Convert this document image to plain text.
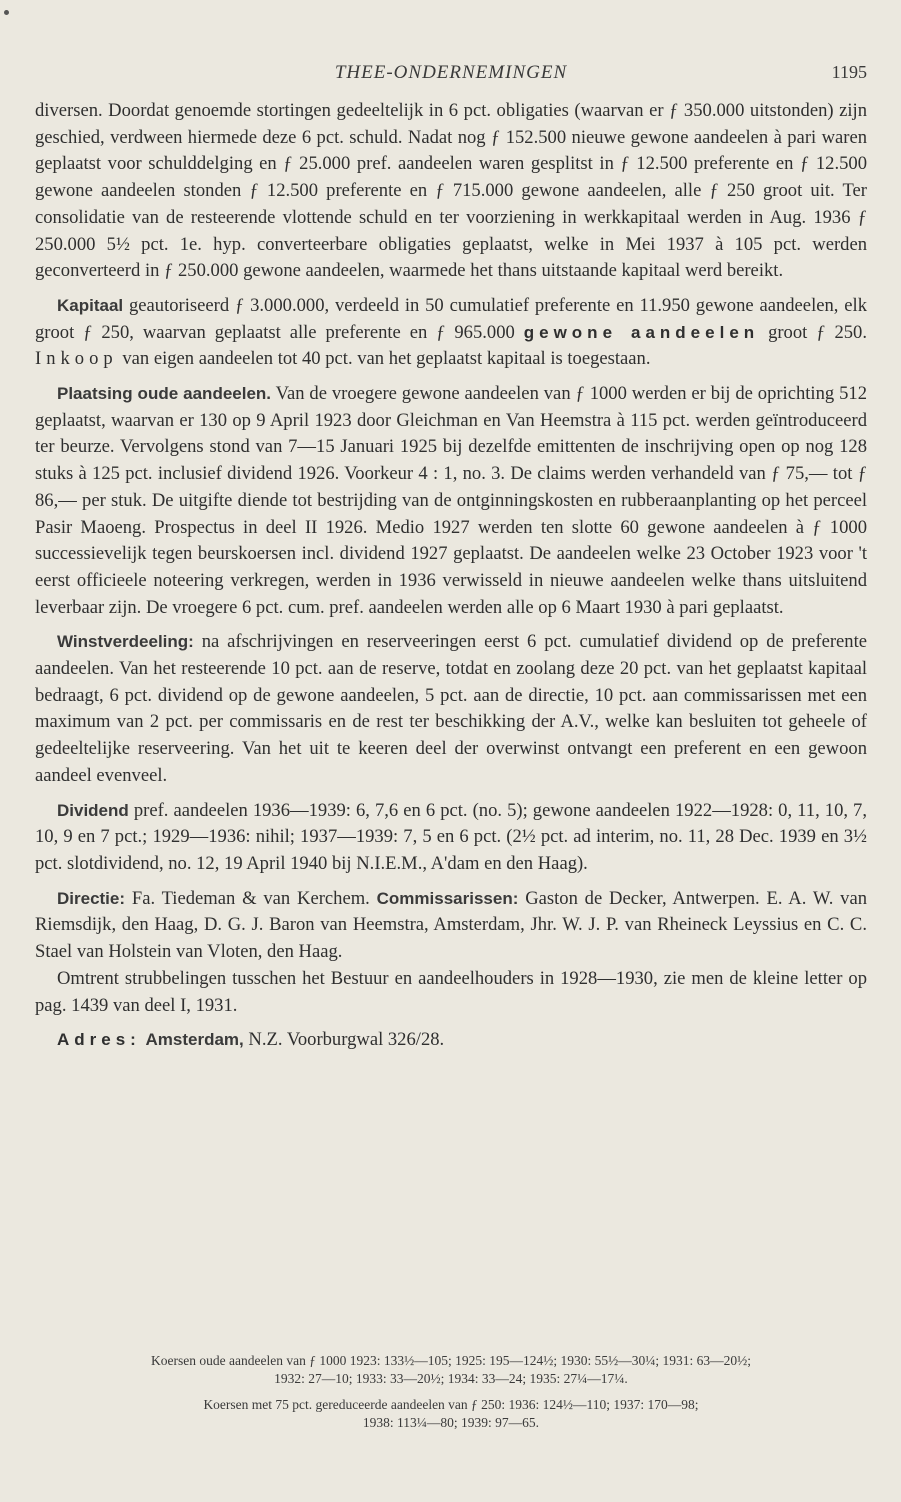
THEE-ONDERNEMINGEN	1195

diversen. Doordat genoemde stortingen gedeeltelijk in 6 pct. obligaties (waarvan er ƒ 350.000 uitstonden) zijn geschied, verdween hiermede deze 6 pct. schuld. Nadat nog ƒ 152.500 nieuwe gewone aandeelen à pari waren geplaatst voor schulddelging en ƒ 25.000 pref. aandeelen waren gesplitst in ƒ 12.500 preferente en ƒ 12.500 gewone aandeelen stonden ƒ 12.500 preferente en ƒ 715.000 gewone aandeelen, alle ƒ 250 groot uit. Ter consolidatie van de resteerende vlottende schuld en ter voorziening in werkkapitaal werden in Aug. 1936 ƒ 250.000 5½ pct. 1e. hyp. converteerbare obligaties geplaatst, welke in Mei 1937 à 105 pct. werden geconverteerd in ƒ 250.000 gewone aandeelen, waarmede het thans uitstaande kapitaal werd bereikt.

Kapitaal geautoriseerd ƒ 3.000.000, verdeeld in 50 cumulatief preferente en 11.950 gewone aandeelen, elk groot ƒ 250, waarvan geplaatst alle preferente en ƒ 965.000 gewone aandeelen groot ƒ 250. Inkoop van eigen aandeelen tot 40 pct. van het geplaatst kapitaal is toegestaan.

Plaatsing oude aandeelen. Van de vroegere gewone aandeelen van ƒ 1000 werden er bij de oprichting 512 geplaatst, waarvan er 130 op 9 April 1923 door Gleichman en Van Heemstra à 115 pct. werden geïntroduceerd ter beurze. Vervolgens stond van 7—15 Januari 1925 bij dezelfde emittenten de inschrijving open op nog 128 stuks à 125 pct. inclusief dividend 1926. Voorkeur 4 : 1, no. 3. De claims werden verhandeld van ƒ 75,— tot ƒ 86,— per stuk. De uitgifte diende tot bestrijding van de ontginningskosten en rubberaanplanting op het perceel Pasir Maoeng. Prospectus in deel II 1926. Medio 1927 werden ten slotte 60 gewone aandeelen à ƒ 1000 successievelijk tegen beurskoersen incl. dividend 1927 geplaatst. De aandeelen welke 23 October 1923 voor 't eerst officieele noteering verkregen, werden in 1936 verwisseld in nieuwe aandeelen welke thans uitsluitend leverbaar zijn. De vroegere 6 pct. cum. pref. aandeelen werden alle op 6 Maart 1930 à pari geplaatst.

Winstverdeeling: na afschrijvingen en reserveeringen eerst 6 pct. cumulatief dividend op de preferente aandeelen. Van het resteerende 10 pct. aan de reserve, totdat en zoolang deze 20 pct. van het geplaatst kapitaal bedraagt, 6 pct. dividend op de gewone aandeelen, 5 pct. aan de directie, 10 pct. aan commissarissen met een maximum van 2 pct. per commissaris en de rest ter beschikking der A.V., welke kan besluiten tot geheele of gedeeltelijke reserveering. Van het uit te keeren deel der overwinst ontvangt een preferent en een gewoon aandeel evenveel.

Dividend pref. aandeelen 1936—1939: 6, 7,6 en 6 pct. (no. 5); gewone aandeelen 1922—1928: 0, 11, 10, 7, 10, 9 en 7 pct.; 1929—1936: nihil; 1937—1939: 7, 5 en 6 pct. (2½ pct. ad interim, no. 11, 28 Dec. 1939 en 3½ pct. slotdividend, no. 12, 19 April 1940 bij N.I.E.M., A'dam en den Haag).

Directie: Fa. Tiedeman & van Kerchem. Commissarissen: Gaston de Decker, Antwerpen. E. A. W. van Riemsdijk, den Haag, D. G. J. Baron van Heemstra, Amsterdam, Jhr. W. J. P. van Rheineck Leyssius en C. C. Stael van Holstein van Vloten, den Haag.

Omtrent strubbelingen tusschen het Bestuur en aandeelhouders in 1928—1930, zie men de kleine letter op pag. 1439 van deel I, 1931.

Adres: Amsterdam, N.Z. Voorburgwal 326/28.

Koersen oude aandeelen van ƒ 1000 1923: 133½—105; 1925: 195—124½; 1930: 55½—30¼; 1931: 63—20½;
1932: 27—10; 1933: 33—20½; 1934: 33—24; 1935: 27¼—17¼.

Koersen met 75 pct. gereduceerde aandeelen van ƒ 250: 1936: 124½—110; 1937: 170—98;
1938: 113¼—80; 1939: 97—65.
